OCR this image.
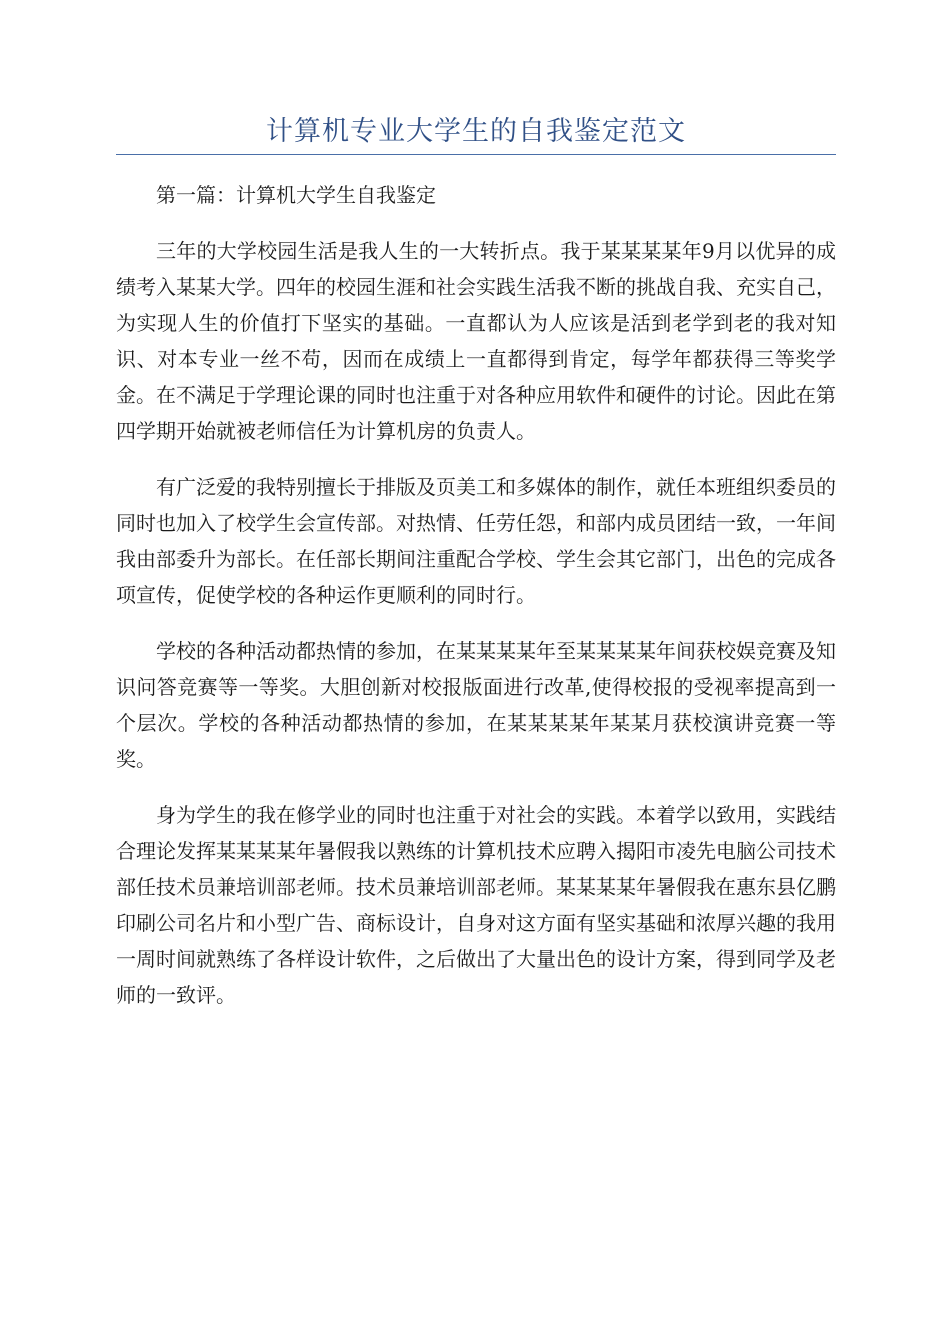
计算机专业大学生的自我鉴定范文

第一篇：计算机大学生自我鉴定

三年的大学校园生活是我人生的一大转折点。我于某某某某年9月以优异的成绩考入某某大学。四年的校园生涯和社会实践生活我不断的挑战自我、充实自己，为实现人生的价值打下坚实的基础。一直都认为人应该是活到老学到老的我对知识、对本专业一丝不苟，因而在成绩上一直都得到肯定，每学年都获得三等奖学金。在不满足于学理论课的同时也注重于对各种应用软件和硬件的讨论。因此在第四学期开始就被老师信任为计算机房的负责人。

有广泛爱的我特别擅长于排版及页美工和多媒体的制作，就任本班组织委员的同时也加入了校学生会宣传部。对热情、任劳任怨，和部内成员团结一致，一年间我由部委升为部长。在任部长期间注重配合学校、学生会其它部门，出色的完成各项宣传，促使学校的各种运作更顺利的同时行。

学校的各种活动都热情的参加，在某某某某年至某某某某年间获校娱竞赛及知识问答竞赛等一等奖。大胆创新对校报版面进行改革,使得校报的受视率提高到一个层次。学校的各种活动都热情的参加，在某某某某年某某月获校演讲竞赛一等奖。

身为学生的我在修学业的同时也注重于对社会的实践。本着学以致用，实践结合理论发挥某某某某年暑假我以熟练的计算机技术应聘入揭阳市凌先电脑公司技术部任技术员兼培训部老师。技术员兼培训部老师。某某某某年暑假我在惠东县亿鹏印刷公司名片和小型广告、商标设计，自身对这方面有坚实基础和浓厚兴趣的我用一周时间就熟练了各样设计软件，之后做出了大量出色的设计方案，得到同学及老师的一致评。
